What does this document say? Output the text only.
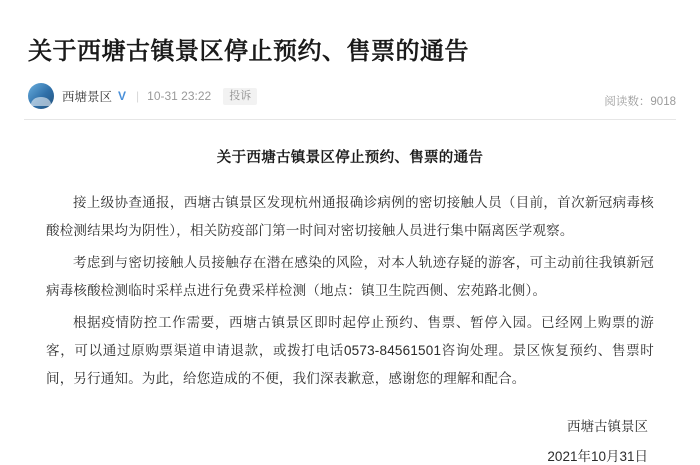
关于西塘古镇景区停止预约、售票的通告
西塘景区 V | 10-31 23:22	投诉
阅读数：9018
关于西塘古镇景区停止预约、售票的通告

接上级协查通报，西塘古镇景区发现杭州通报确诊病例的密切接触人员（目前，首次新冠病毒核酸检测结果均为阴性），相关防疫部门第一时间对密切接触人员进行集中隔离医学观察。

考虑到与密切接触人员接触存在潜在感染的风险，对本人轨迹存疑的游客，可主动前往我镇新冠病毒核酸检测临时采样点进行免费采样检测（地点：镇卫生院西侧、宏苑路北侧）。

根据疫情防控工作需要，西塘古镇景区即时起停止预约、售票、暂停入园。已经网上购票的游客，可以通过原购票渠道申请退款，或拨打电话0573-84561501咨询处理。景区恢复预约、售票时间，另行通知。为此，给您造成的不便，我们深表歉意，感谢您的理解和配合。

西塘古镇景区
2021年10月31日
